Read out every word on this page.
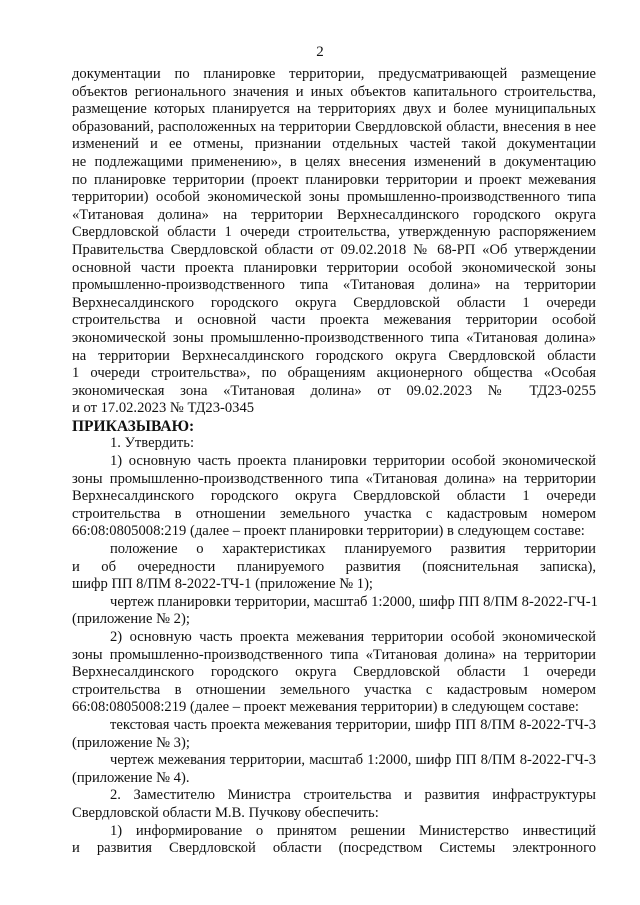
2
документации по планировке территории, предусматривающей размещение
объектов регионального значения и иных объектов капитального строительства,
размещение которых планируется на территориях двух и более муниципальных
образований, расположенных на территории Свердловской области, внесения в нее
изменений и ее отмены, признании отдельных частей такой документации
не подлежащими применению», в целях внесения изменений в документацию
по планировке территории (проект планировки территории и проект межевания
территории) особой экономической зоны промышленно-производственного типа
«Титановая долина» на территории Верхнесалдинского городского округа
Свердловской области 1 очереди строительства, утвержденную распоряжением
Правительства Свердловской области от 09.02.2018 № 68-РП «Об утверждении
основной части проекта планировки территории особой экономической зоны
промышленно-производственного типа «Титановая долина» на территории
Верхнесалдинского городского округа Свердловской области 1 очереди
строительства и основной части проекта межевания территории особой
экономической зоны промышленно-производственного типа «Титановая долина»
на территории Верхнесалдинского городского округа Свердловской области
1 очереди строительства», по обращениям акционерного общества «Особая
экономическая зона «Титановая долина» от 09.02.2023 № ТД23-0255
и от 17.02.2023 № ТД23-0345
ПРИКАЗЫВАЮ:
1. Утвердить:
1) основную часть проекта планировки территории особой экономической
зоны промышленно-производственного типа «Титановая долина» на территории
Верхнесалдинского городского округа Свердловской области 1 очереди
строительства в отношении земельного участка с кадастровым номером
66:08:0805008:219 (далее – проект планировки территории) в следующем составе:
положение о характеристиках планируемого развития территории
и об очередности планируемого развития (пояснительная записка),
шифр ПП 8/ПМ 8-2022-ТЧ-1 (приложение № 1);
чертеж планировки территории, масштаб 1:2000, шифр ПП 8/ПМ 8-2022-ГЧ-1
(приложение № 2);
2) основную часть проекта межевания территории особой экономической
зоны промышленно-производственного типа «Титановая долина» на территории
Верхнесалдинского городского округа Свердловской области 1 очереди
строительства в отношении земельного участка с кадастровым номером
66:08:0805008:219 (далее – проект межевания территории) в следующем составе:
текстовая часть проекта межевания территории, шифр ПП 8/ПМ 8-2022-ТЧ-3
(приложение № 3);
чертеж межевания территории, масштаб 1:2000, шифр ПП 8/ПМ 8-2022-ГЧ-3
(приложение № 4).
2. Заместителю Министра строительства и развития инфраструктуры
Свердловской области М.В. Пучкову обеспечить:
1) информирование о принятом решении Министерство инвестиций
и развития Свердловской области (посредством Системы электронного
